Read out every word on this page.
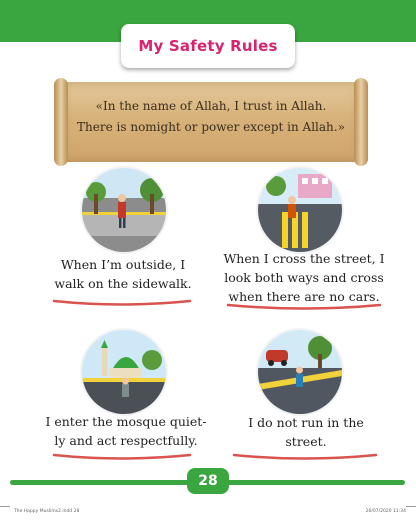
My Safety Rules
«In the name of Allah, I trust in Allah.
There is nomight or power except in Allah.»
When I’m outside, I
walk on the sidewalk.
When I cross the street, I
look both ways and cross
when there are no cars.
I enter the mosque quiet-
ly and act respectfully.
I do not run in the
street.
28
The Happy Muslims2.indd 28	26/07/2020 11:34
